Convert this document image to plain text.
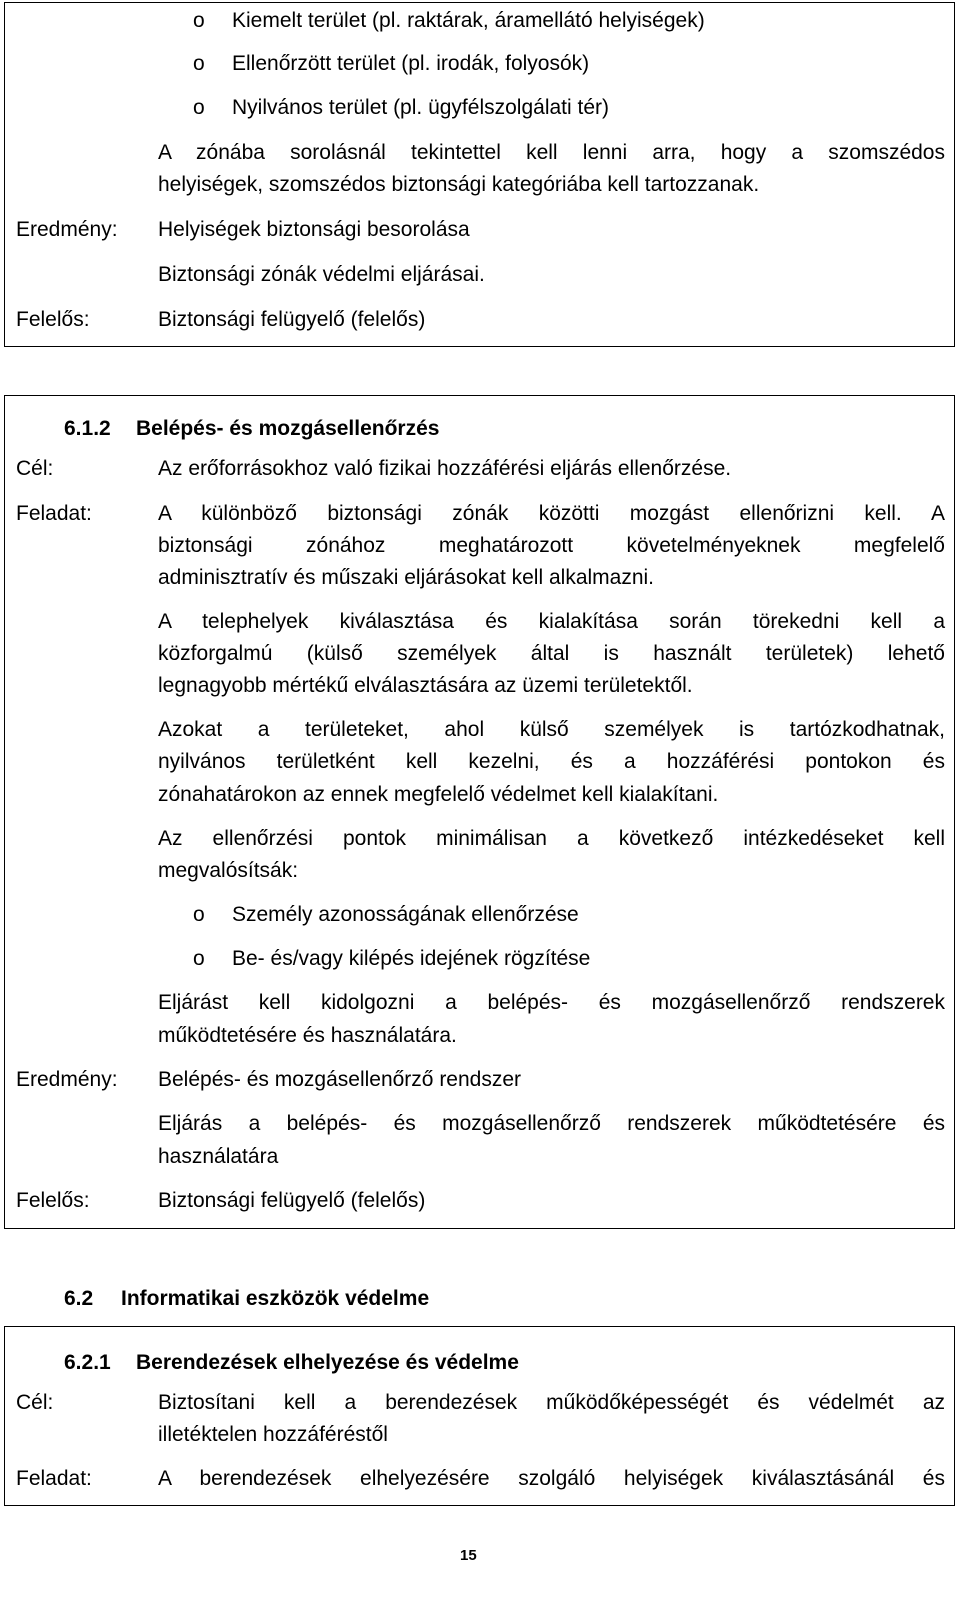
o Kiemelt terület (pl. raktárak, áramellátó helyiségek)
o Ellenőrzött terület (pl. irodák, folyosók)
o Nyilvános terület (pl. ügyfélszolgálati tér)
A zónába sorolásnál tekintettel kell lenni arra, hogy a szomszédos
helyiségek, szomszédos biztonsági kategóriába kell tartozzanak.
Eredmény: Helyiségek biztonsági besorolása
Biztonsági zónák védelmi eljárásai.
Felelős:	Biztonsági felügyelő (felelős)
6.1.2 Belépés- és mozgásellenőrzés
Cél:	Az erőforrásokhoz való fizikai hozzáférési eljárás ellenőrzése.
Feladat:	A különböző biztonsági zónák közötti mozgást ellenőrizni kell. A
biztonsági zónához meghatározott követelményeknek megfelelő
adminisztratív és műszaki eljárásokat kell alkalmazni.
A telephelyek kiválasztása és kialakítása során törekedni kell a
közforgalmú (külső személyek által is használt területek) lehető
legnagyobb mértékű elválasztására az üzemi területektől.
Azokat a területeket, ahol külső személyek is tartózkodhatnak,
nyilvános területként kell kezelni, és a hozzáférési pontokon és
zónahatárokon az ennek megfelelő védelmet kell kialakítani.
Az ellenőrzési pontok minimálisan a következő intézkedéseket kell
megvalósítsák:
o Személy azonosságának ellenőrzése
o Be- és/vagy kilépés idejének rögzítése
Eljárást kell kidolgozni a belépés- és mozgásellenőrző rendszerek
működtetésére és használatára.
Eredmény: Belépés- és mozgásellenőrző rendszer
Eljárás a belépés- és mozgásellenőrző rendszerek működtetésére és
használatára
Felelős:	Biztonsági felügyelő (felelős)
6.2 Informatikai eszközök védelme
6.2.1 Berendezések elhelyezése és védelme
Cél:	Biztosítani kell a berendezések működőképességét és védelmét az
illetéktelen hozzáféréstől
Feladat:	A berendezések elhelyezésére szolgáló helyiségek kiválasztásánál és
15
